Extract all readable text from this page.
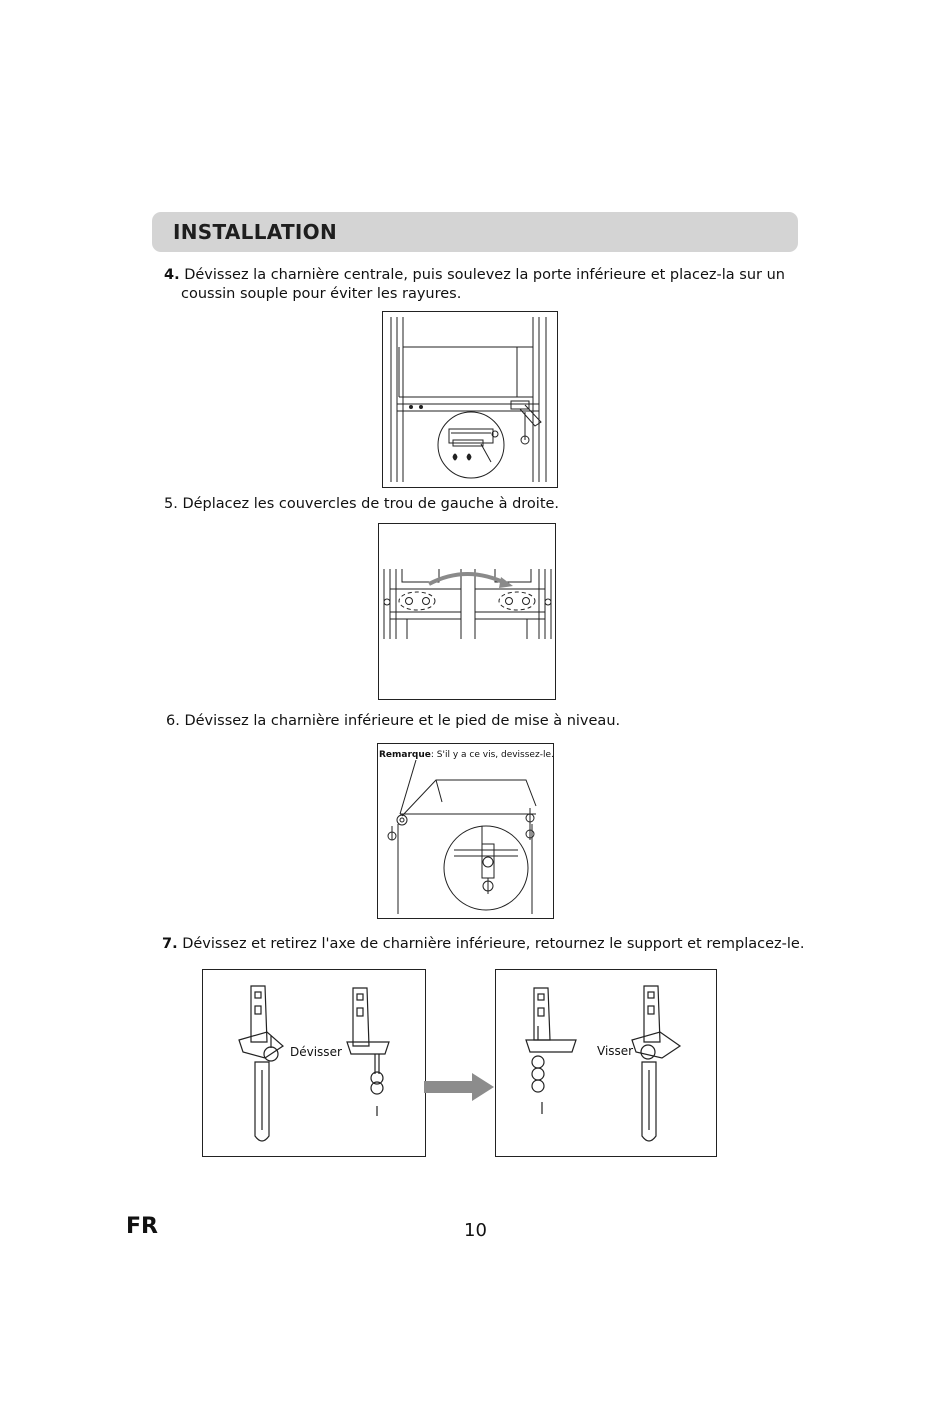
INSTALLATION
4. Dévissez la charnière centrale, puis soulevez la porte inférieure et placez-la sur un
coussin souple pour éviter les rayures.
5. Déplacez les couvercles de trou de gauche à droite.
6. Dévissez la charnière inférieure et le pied de mise à niveau.
Remarque: S'il y a ce vis, devissez-le.
7. Dévissez et retirez l'axe de charnière inférieure, retournez le support et remplacez-le.
Dévisser	Visser
FR	10
